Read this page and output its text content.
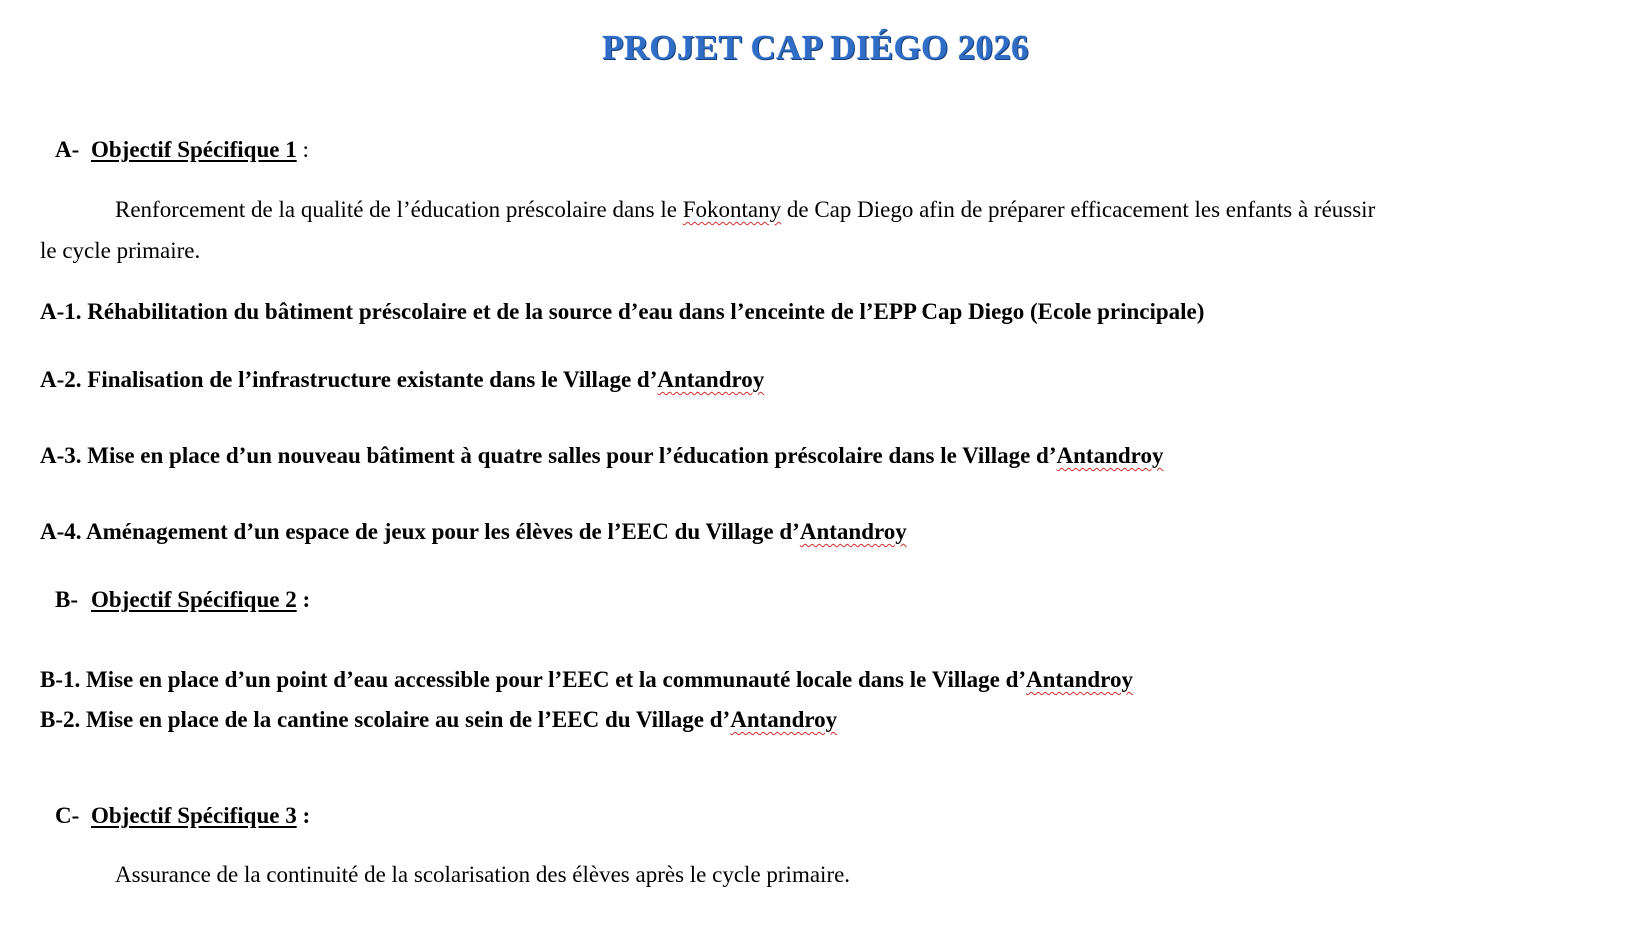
PROJET CAP DIÉGO 2026
A- Objectif Spécifique 1 :
Renforcement de la qualité de l’éducation préscolaire dans le Fokontany de Cap Diego afin de préparer efficacement les enfants à réussir
le cycle primaire.
A-1. Réhabilitation du bâtiment préscolaire et de la source d’eau dans l’enceinte de l’EPP Cap Diego (Ecole principale)
A-2. Finalisation de l’infrastructure existante dans le Village d’Antandroy
A-3. Mise en place d’un nouveau bâtiment à quatre salles pour l’éducation préscolaire dans le Village d’Antandroy
A-4. Aménagement d’un espace de jeux pour les élèves de l’EEC du Village d’Antandroy
B- Objectif Spécifique 2 :
B-1. Mise en place d’un point d’eau accessible pour l’EEC et la communauté locale dans le Village d’Antandroy
B-2. Mise en place de la cantine scolaire au sein de l’EEC du Village d’Antandroy
C- Objectif Spécifique 3 :
Assurance de la continuité de la scolarisation des élèves après le cycle primaire.
